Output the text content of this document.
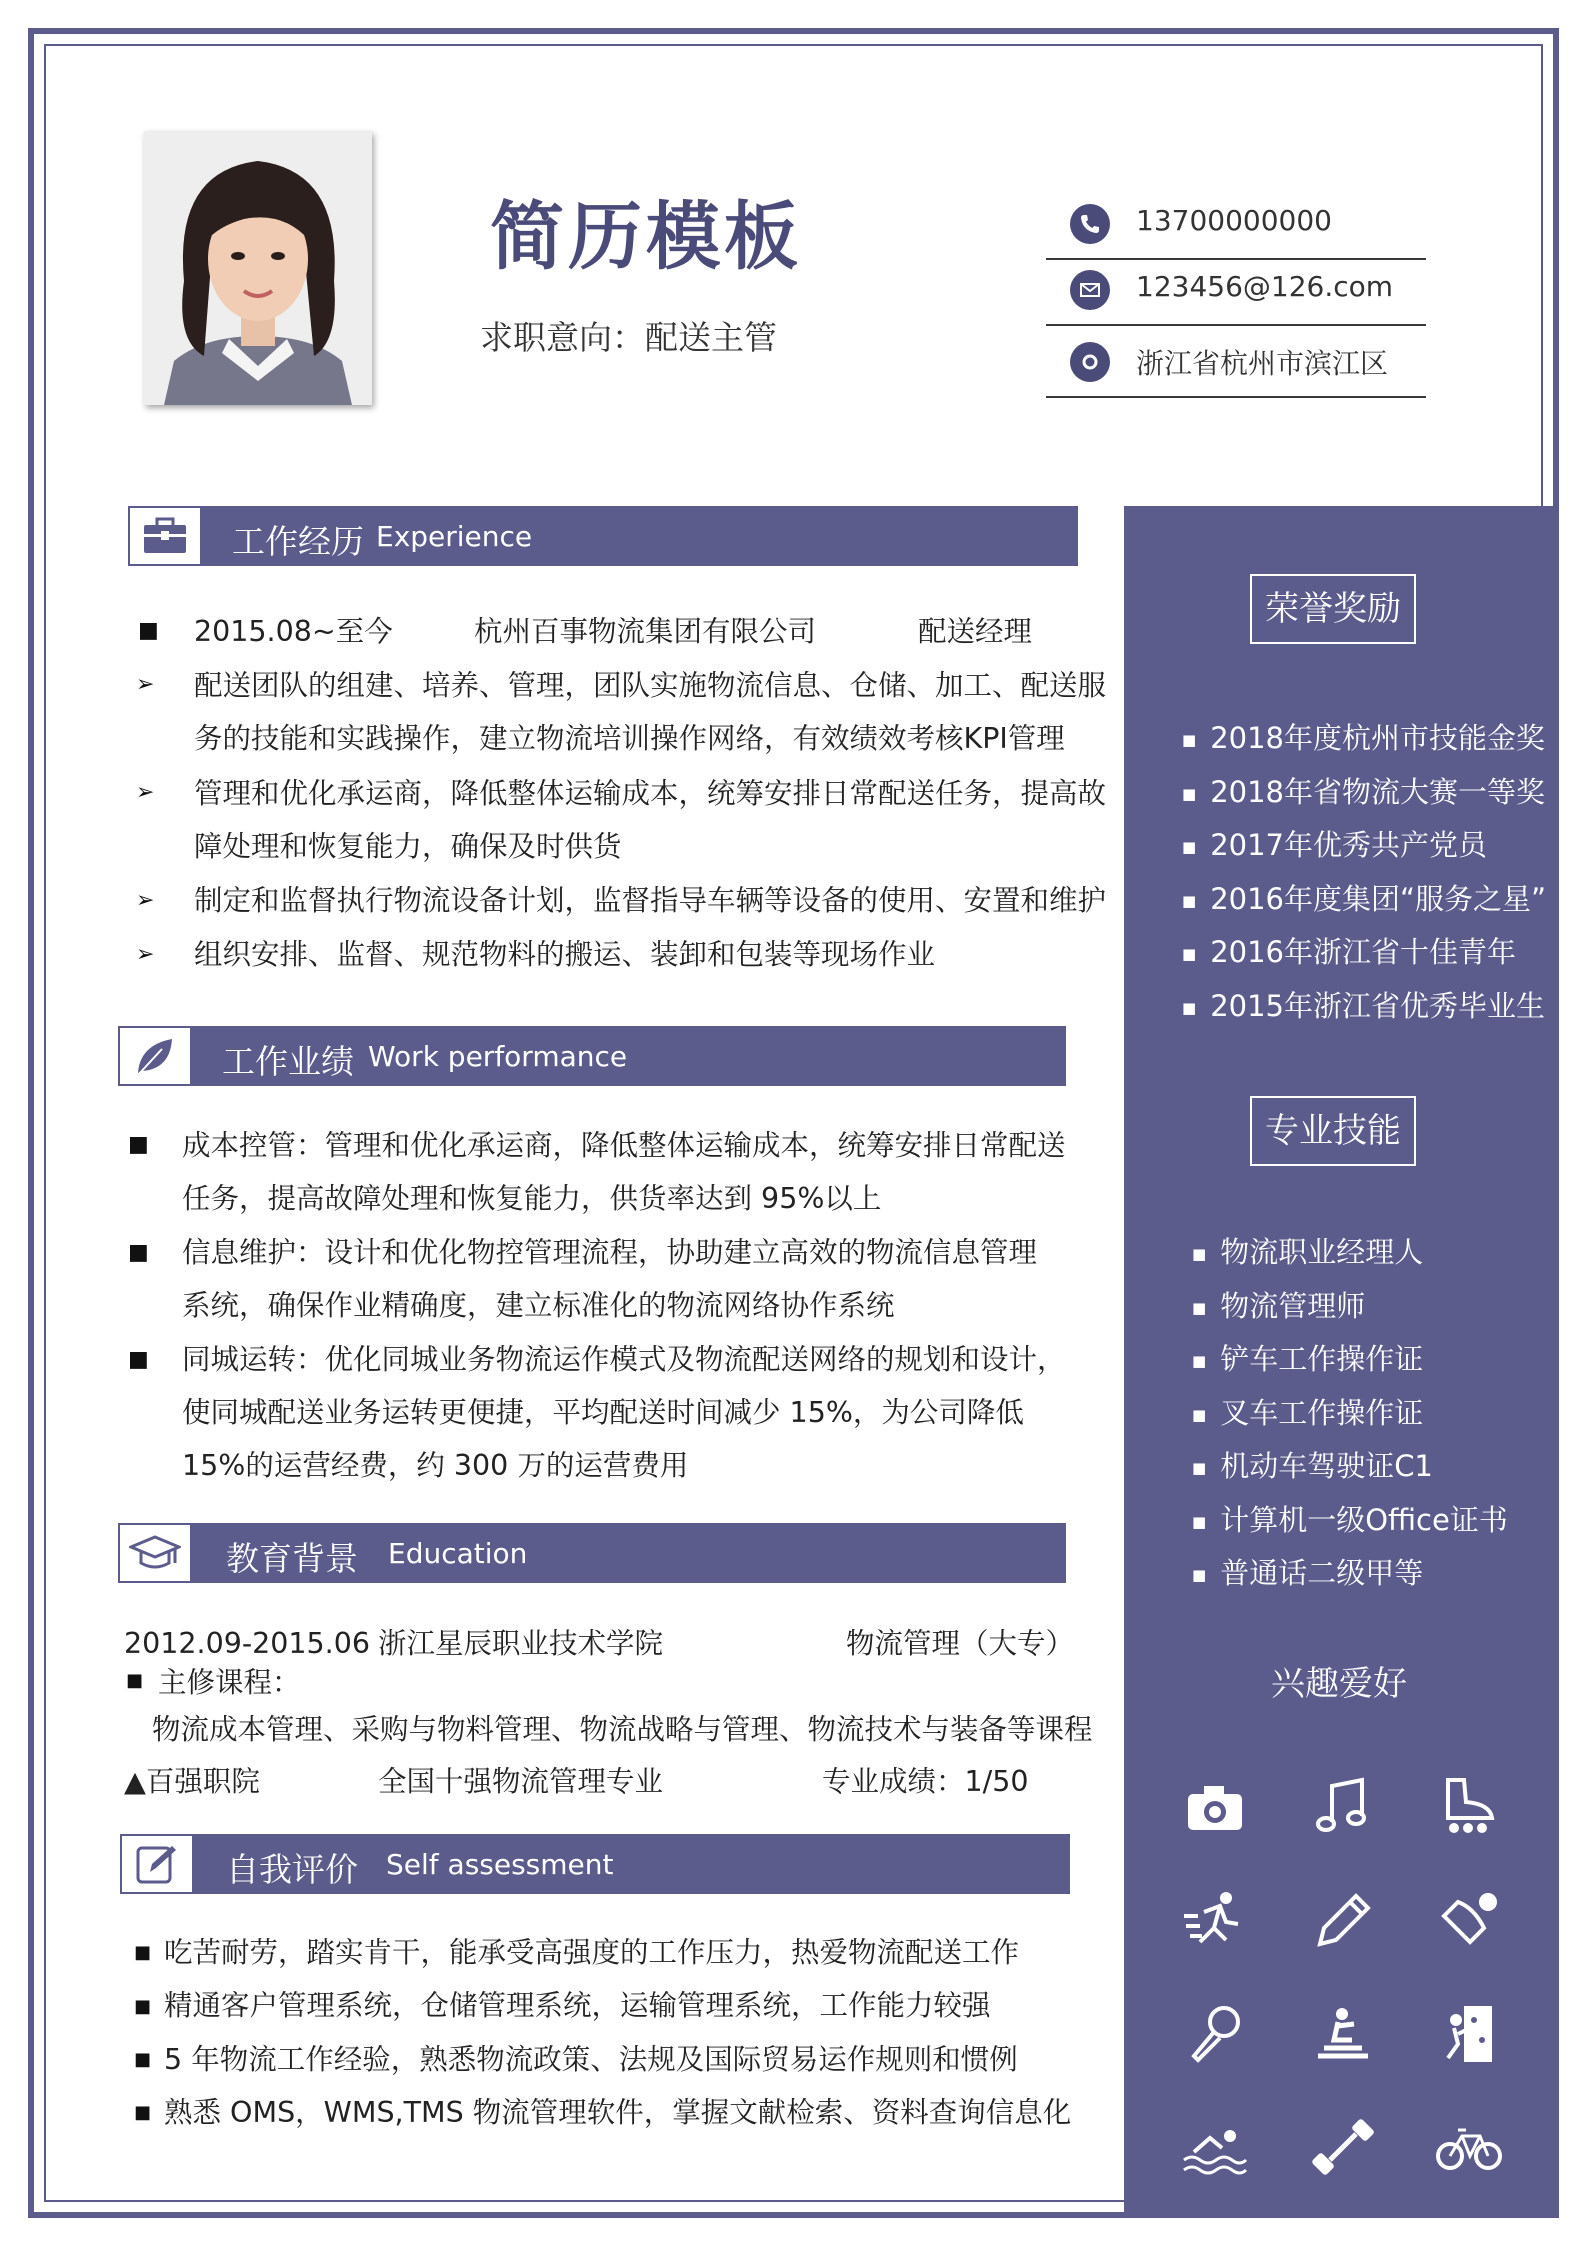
简历模板
求职意向：配送主管
13700000000
123456@126.com
浙江省杭州市滨江区
工作经历 Experience
■ 2015.08~至今	杭州百事物流集团有限公司	配送经理
➢ 配送团队的组建、培养、管理，团队实施物流信息、仓储、加工、配送服
务的技能和实践操作，建立物流培训操作网络，有效绩效考核KPI管理
➢ 管理和优化承运商，降低整体运输成本，统筹安排日常配送任务，提高故
障处理和恢复能力，确保及时供货
➢ 制定和监督执行物流设备计划，监督指导车辆等设备的使用、安置和维护
➢ 组织安排、监督、规范物料的搬运、装卸和包装等现场作业
工作业绩 Work performance
■ 成本控管：管理和优化承运商，降低整体运输成本，统筹安排日常配送
任务，提高故障处理和恢复能力，供货率达到 95%以上
■ 信息维护：设计和优化物控管理流程，协助建立高效的物流信息管理
系统，确保作业精确度，建立标准化的物流网络协作系统
■ 同城运转：优化同城业务物流运作模式及物流配送网络的规划和设计，
使同城配送业务运转更便捷，平均配送时间减少 15%，为公司降低
15%的运营经费，约 300 万的运营费用
教育背景 Education
2012.09-2015.06 浙江星辰职业技术学院	物流管理（大专）
■ 主修课程：
物流成本管理、采购与物料管理、物流战略与管理、物流技术与装备等课程
▲百强职院	全国十强物流管理专业	专业成绩：1/50
自我评价 Self assessment
■ 吃苦耐劳，踏实肯干，能承受高强度的工作压力，热爱物流配送工作
■ 精通客户管理系统，仓储管理系统，运输管理系统，工作能力较强
■ 5 年物流工作经验，熟悉物流政策、法规及国际贸易运作规则和惯例
■ 熟悉 OMS，WMS,TMS 物流管理软件，掌握文献检索、资料查询信息化
荣誉奖励
■ 2018年度杭州市技能金奖
■ 2018年省物流大赛一等奖
■ 2017年优秀共产党员
■ 2016年度集团“服务之星”
■ 2016年浙江省十佳青年
■ 2015年浙江省优秀毕业生
专业技能
■ 物流职业经理人
■ 物流管理师
■ 铲车工作操作证
■ 叉车工作操作证
■ 机动车驾驶证C1
■ 计算机一级Office证书
■ 普通话二级甲等
兴趣爱好
